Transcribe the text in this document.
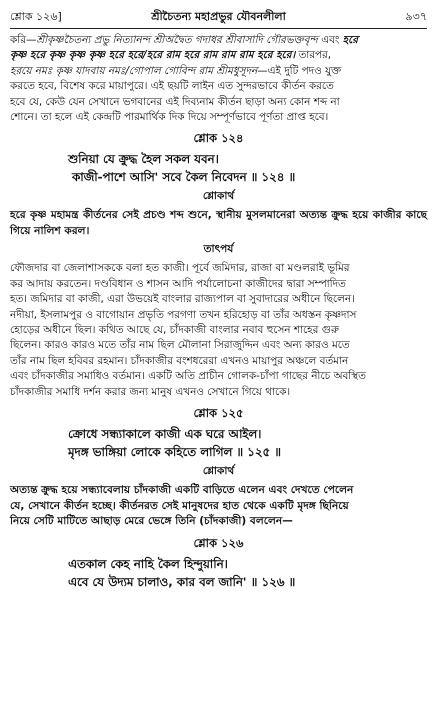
শ্লোক ১২৬]	শ্রীচৈতন্য মহাপ্রভুর যৌবনলীলা	৯৩৭

করি—শ্রীকৃষ্ণচৈতন্য প্রভু নিত্যানন্দ শ্রীঅদ্বৈত গদাধর শ্রীবাসাদি গৌরভক্তবৃন্দ এবং হরে

কৃষ্ণ হরে কৃষ্ণ কৃষ্ণ কৃষ্ণ হরে হরে/হরে রাম হরে রাম রাম রাম হরে হরে। তারপর,

হরয়ে নমঃ কৃষ্ণ যাদবায় নমঃ/গোপাল গোবিন্দ রাম শ্রীমধুসূদন—এই দুটি পদও যুক্ত

করতে হবে, বিশেষ করে মায়াপুরে। এই ছয়টি লাইন এত সুন্দরভাবে কীর্তন করতে

হবে যে, কেউ যেন সেখানে ভগবানের এই দিব্যনাম কীর্তন ছাড়া অন্য কোন শব্দ না

শোনে। তা হলে এই কেন্দ্রটি পারমার্থিক দিক দিয়ে সম্পূর্ণভাবে পূর্ণতা প্রাপ্ত হবে।

শ্লোক ১২৪

শুনিয়া যে ক্রুদ্ধ হৈল সকল যবন।

কাজী-পাশে আসি' সবে কৈল নিবেদন ॥ ১২৪ ॥

শ্লোকার্থ

হরে কৃষ্ণ মহামন্ত্র কীর্তনের সেই প্রচণ্ড শব্দ শুনে, স্থানীয় মুসলমানেরা অত্যন্ত ক্রুদ্ধ হয়ে কাজীর কাছে গিয়ে নালিশ করল।

তাৎপর্য

ফৌজদার বা জেলাশাসককে বলা হত কাজী। পূর্বে জমিদার, রাজা বা মণ্ডলরাই ভূমির

কর আদায় করতেন। দণ্ডবিধান ও শাসন আদি পর্যালোচনা কাজীদের দ্বারা সম্পাদিত

হত। জমিদার বা কাজী, এরা উভয়েই বাংলার রাজ্যপাল বা সুবাদারের অধীনে ছিলেন।

নদীয়া, ইসলামপুর ও বাগোয়ান প্রভৃতি পরগণা তখন হরিহোড় বা তাঁর অধস্তন কৃষ্ণদাস

হোড়ের অধীনে ছিল। কথিত আছে যে, চাঁদকাজী বাংলার নবাব হুসেন শাহের গুরু

ছিলেন। কারও কারও মতে তাঁর নাম ছিল মৌলানা সিরাজুদ্দিন এবং অন্য কারও মতে

তাঁর নাম ছিল হবিবর রহমান। চাঁদকাজীর বংশধরেরা এখনও মায়াপুর অঞ্চলে বর্তমান

এবং চাঁদকাজীর সমাধিও বর্তমান। একটি অতি প্রাচীন গোলক-চাঁপা গাছের নীচে অবস্থিত

চাঁদকাজীর সমাধি দর্শন করার জন্য মানুষ এখনও সেখানে গিয়ে থাকে।

শ্লোক ১২৫

ক্রোধে সন্ধ্যাকালে কাজী এক ঘরে আইল।

মৃদঙ্গ ভাঙ্গিয়া লোকে কহিতে লাগিল ॥ ১২৫ ॥

শ্লোকার্থ

অত্যন্ত ক্রুদ্ধ হয়ে সন্ধ্যাবেলায় চাঁদকাজী একটি বাড়িতে এলেন এবং দেখতে পেলেন

যে, সেখানে কীর্তন হচ্ছে। কীর্তনরত সেই মানুষদের হাত থেকে একটি মৃদঙ্গ ছিনিয়ে

নিয়ে সেটি মাটিতে আছাড় মেরে ভেঙ্গে তিনি (চাঁদকাজী) বললেন—

শ্লোক ১২৬

এতকাল কেহ নাহি কৈল হিন্দুয়ানি।

এবে যে উদ্যম চালাও, কার বল জানি' ॥ ১২৬ ॥
